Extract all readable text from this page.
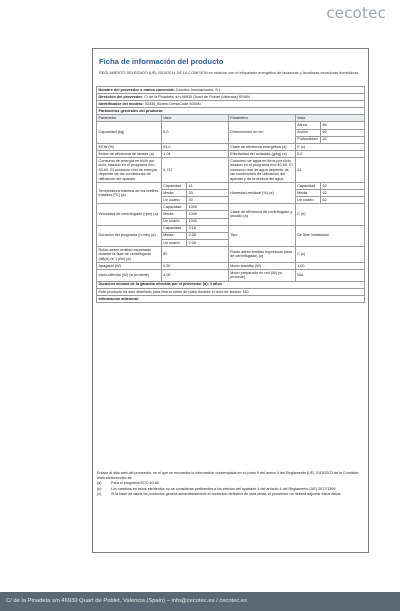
cecotec
Ficha de información del producto
REGLAMENTO DELEGADO (UE) 2019/2014 DE LA COMISION en relación con el etiquetado energético de lavadoras y lavadoras-secadoras domésticas.
Nombre del proveedor o marca comercial: Cecotec Innovaciones, S.L.					
Dirección del proveedor: C/ de la Pinadeta, s/n 46930 Quart de Poblet (Valencia) SPAIN					
Identificador del modelo: 02335_Bolero DressCode 6000N					
Parámetros generales del producto:					
Parámetro	Valor		Parámetro	Valor	
Capacidad (kg)	6,0		Dimensiones en cm	Altura	85
				Ancho	60
				Profundidad	40
EEIw (%)	93,0		Clase de eficiencia energética (a)	E (c)	
Índice de eficiencia de lavado (a)	1,04		Efectividad del aclarado (g/kg) (a)	5,0	
Consumo de energía en kWh por ciclo, basado en el programa eco 40-60. El consumo real de energía depende de las condiciones de utilización del aparato	0,737		Consumo de agua en litros por ciclo, basado en el programa eco 40-60. El consumo real de agua depende de las condiciones de utilización del aparato y de la dureza del agua	43	
Temperatura máxima de los textiles tratados (ºC) (a)	Capacidad	41	Humedad residual (%) (a)	Capacidad	62
	Media	33		Media	62
	Un cuarto	30		Un cuarto	62
Velocidad de centrifugado (rpm) (a)	Capacidad	1000	Clase de eficiencia de centrifugado y secado (a)	C (e)	
	Media	1000			
	Un cuarto	1000			
Duración del programa (h:min) (a)	Capacidad	3:18	Tipo	De libre instalación	
	Media	2:36			
	Un cuarto	2:36			
Ruido aéreo emitido expresado durante la fase de centrifugado (dB(A) re 1 pW) (a)	80		Ruido aéreo emitido expresado (fase de centrifugado) (a)	C (c)	
Apagado (W)	0,50		Modo standby (W)	1,00	
Inicio diferido (W) (si procede)	4,00		Modo preparado en red (W) (si procede)	N/A	
Duración mínima de la garantía ofrecida por el proveedor (b): 3 años					
Este producto ha sido diseñado para liberar iones de plata durante el ciclo de lavado: NO					
Información adicional:					
Enlace al sitio web del proveedor, en el que se encuentra la información contemplada en el punto 9 del anexo II del Reglamento (UE) 2019/2023 de la Comisión: www.storececotec.es
(a)	Para el programa ECO 40-60
(b)	Los cambios en estos elementos no se consideran pertinentes a los efectos del apartado 4 del artículo 4 del Reglamento (UE) 2017/1369
(c)	Si la base de datos de productos genera automáticamente el contenido definitivo de esta celda, el proveedor no deberá adjuntar estos datos.
C/ de la Pinadeta s/n 46930 Quart de Poblet, Valencia (Spain) – info@cecotec.es / cecotec.es
